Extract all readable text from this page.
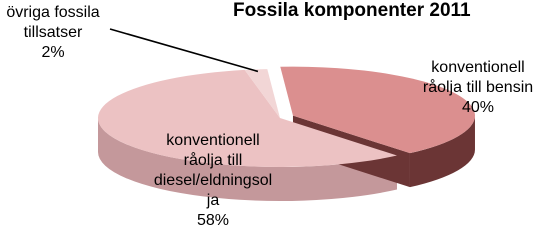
Fossila komponenter 2011
konventionell
råolja till bensin
40%
konventionell
råolja till
diesel/eldningsol
ja
58%
övriga fossila
tillsatser
2%
